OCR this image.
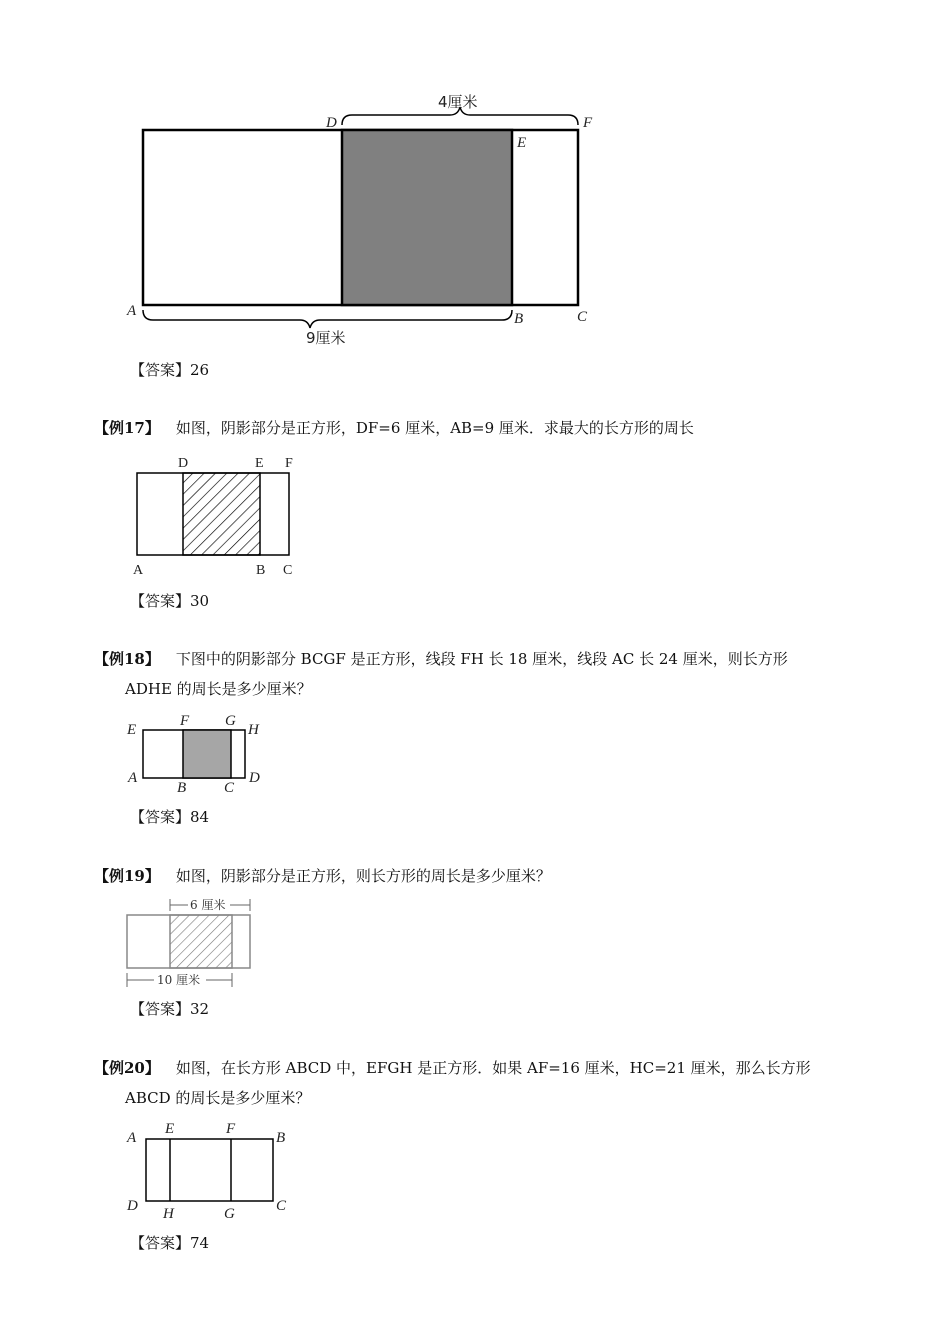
4厘米
9厘米
D
E
F
A	B	C
【答案】26
【例17】 如图，阴影部分是正方形，DF=6 厘米，AB=9 厘米．求最大的长方形的周长
D	E F
A	B C
【答案】30
【例18】 下图中的阴影部分 BCGF 是正方形，线段 FH 长 18 厘米，线段 AC 长 24 厘米，则长方形
ADHE 的周长是多少厘米？
E
F G
H
A
B	C
D
【答案】84
【例19】 如图，阴影部分是正方形，则长方形的周长是多少厘米？
6 厘米
10 厘米
【答案】32
【例20】 如图，在长方形 ABCD 中，EFGH 是正方形．如果 AF=16 厘米，HC=21 厘米，那么长方形
ABCD 的周长是多少厘米？
A
E	F
B
D H	G	C
【答案】74
